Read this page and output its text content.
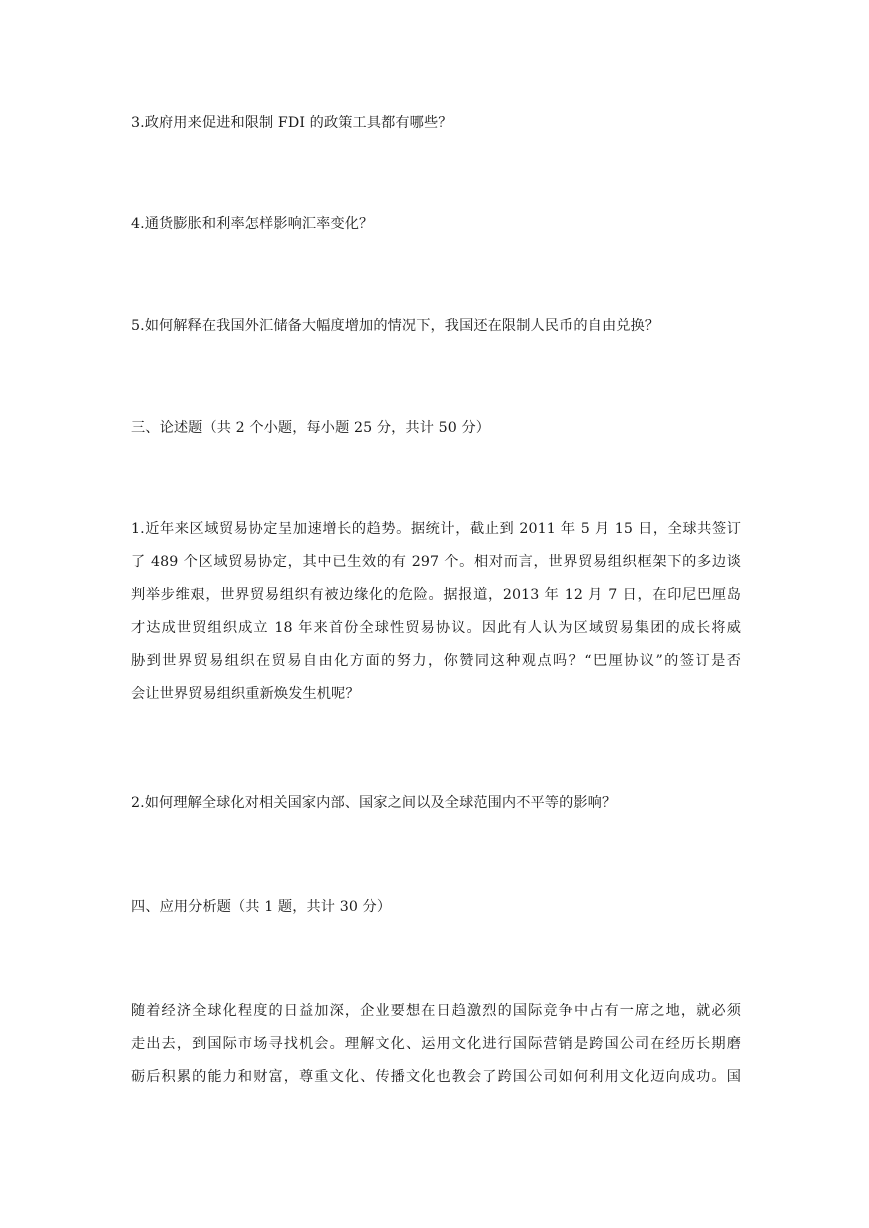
3.政府用来促进和限制 FDI 的政策工具都有哪些？
4.通货膨胀和利率怎样影响汇率变化？
5.如何解释在我国外汇储备大幅度增加的情况下，我国还在限制人民币的自由兑换？
三、论述题（共 2 个小题，每小题 25 分，共计 50 分）
1.近年来区域贸易协定呈加速增长的趋势。据统计，截止到 2011 年 5 月 15 日，全球共签订
了 489 个区域贸易协定，其中已生效的有 297 个。相对而言，世界贸易组织框架下的多边谈
判举步维艰，世界贸易组织有被边缘化的危险。据报道，2013 年 12 月 7 日，在印尼巴厘岛
才达成世贸组织成立 18 年来首份全球性贸易协议。因此有人认为区域贸易集团的成长将威
胁到世界贸易组织在贸易自由化方面的努力，你赞同这种观点吗？“巴厘协议”的签订是否
会让世界贸易组织重新焕发生机呢？
2.如何理解全球化对相关国家内部、国家之间以及全球范围内不平等的影响？
四、应用分析题（共 1 题，共计 30 分）
随着经济全球化程度的日益加深，企业要想在日趋激烈的国际竞争中占有一席之地，就必须
走出去，到国际市场寻找机会。理解文化、运用文化进行国际营销是跨国公司在经历长期磨
砺后积累的能力和财富，尊重文化、传播文化也教会了跨国公司如何利用文化迈向成功。国
